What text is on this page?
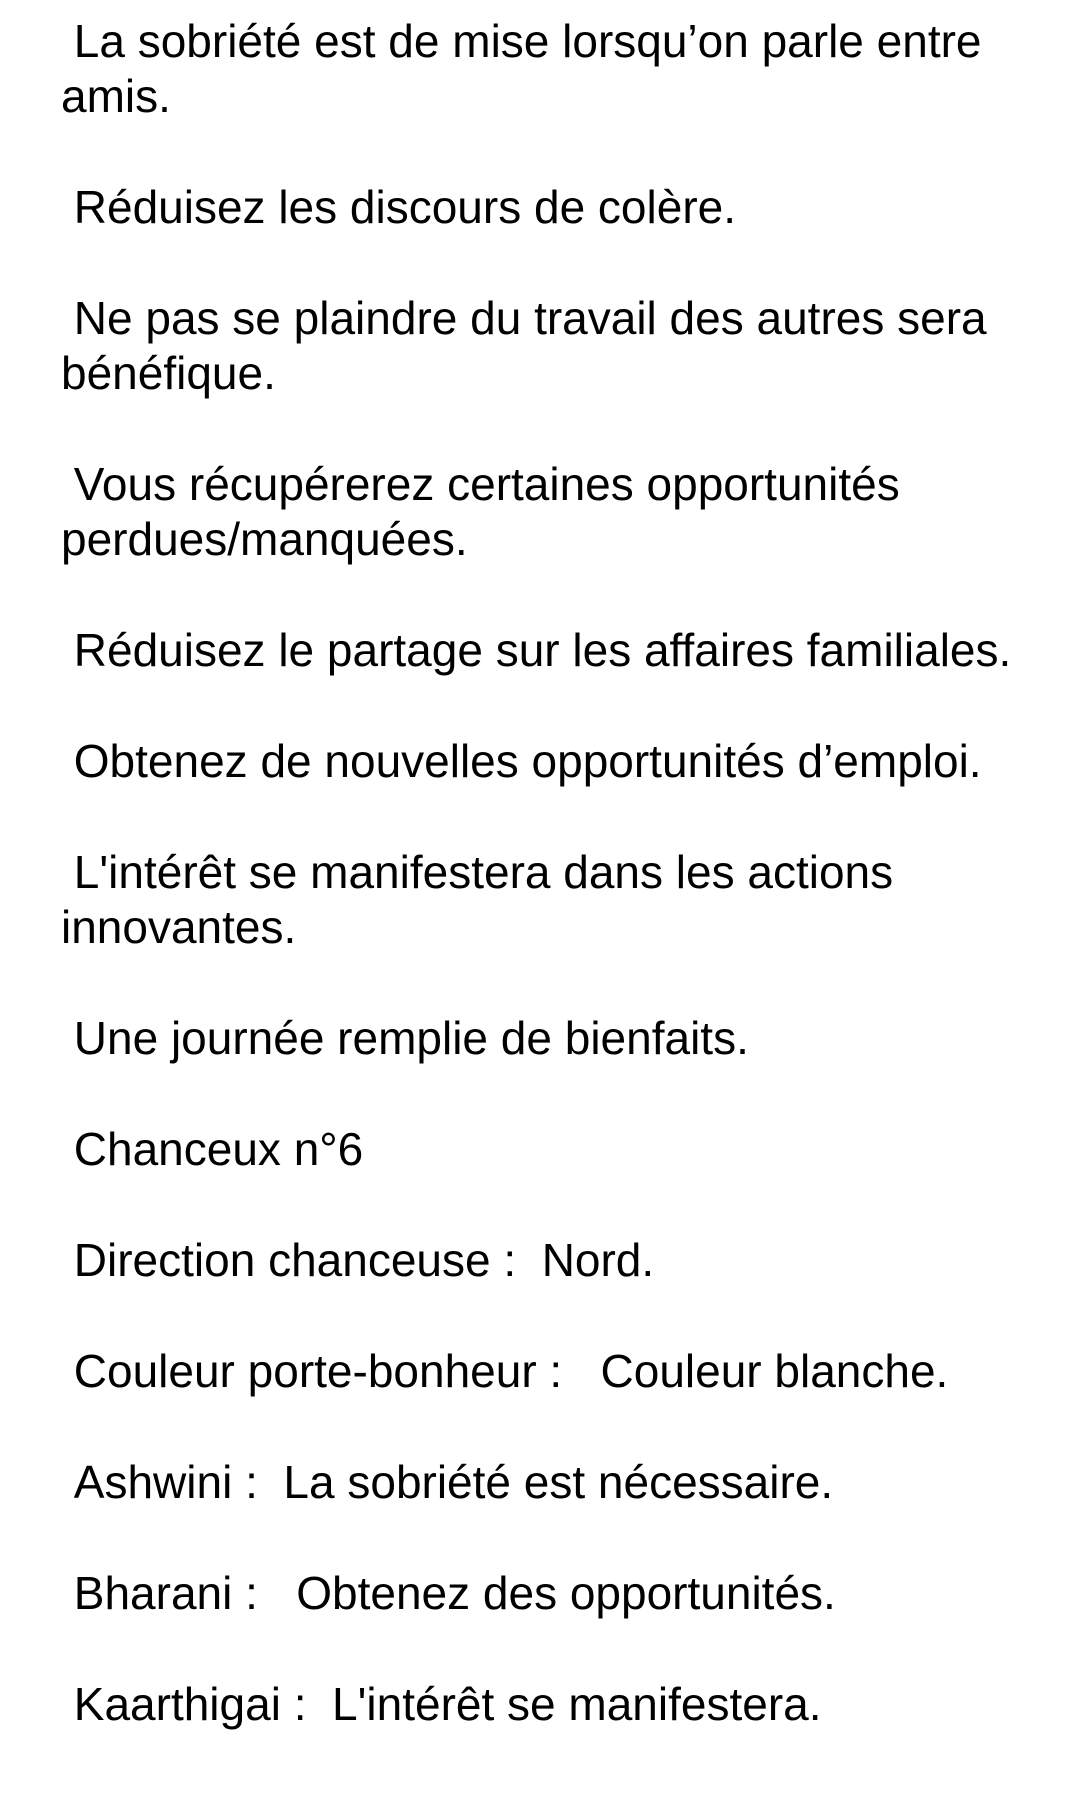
La sobriété est de mise lorsqu’on parle entre amis.

Réduisez les discours de colère.

Ne pas se plaindre du travail des autres sera bénéfique.

Vous récupérerez certaines opportunités perdues/manquées.

Réduisez le partage sur les affaires familiales.

Obtenez de nouvelles opportunités d’emploi.

L'intérêt se manifestera dans les actions innovantes.

Une journée remplie de bienfaits.

Chanceux n°6

Direction chanceuse :  Nord.

Couleur porte-bonheur :   Couleur blanche.

Ashwini :  La sobriété est nécessaire.

Bharani :   Obtenez des opportunités.

Kaarthigai :  L'intérêt se manifestera.
